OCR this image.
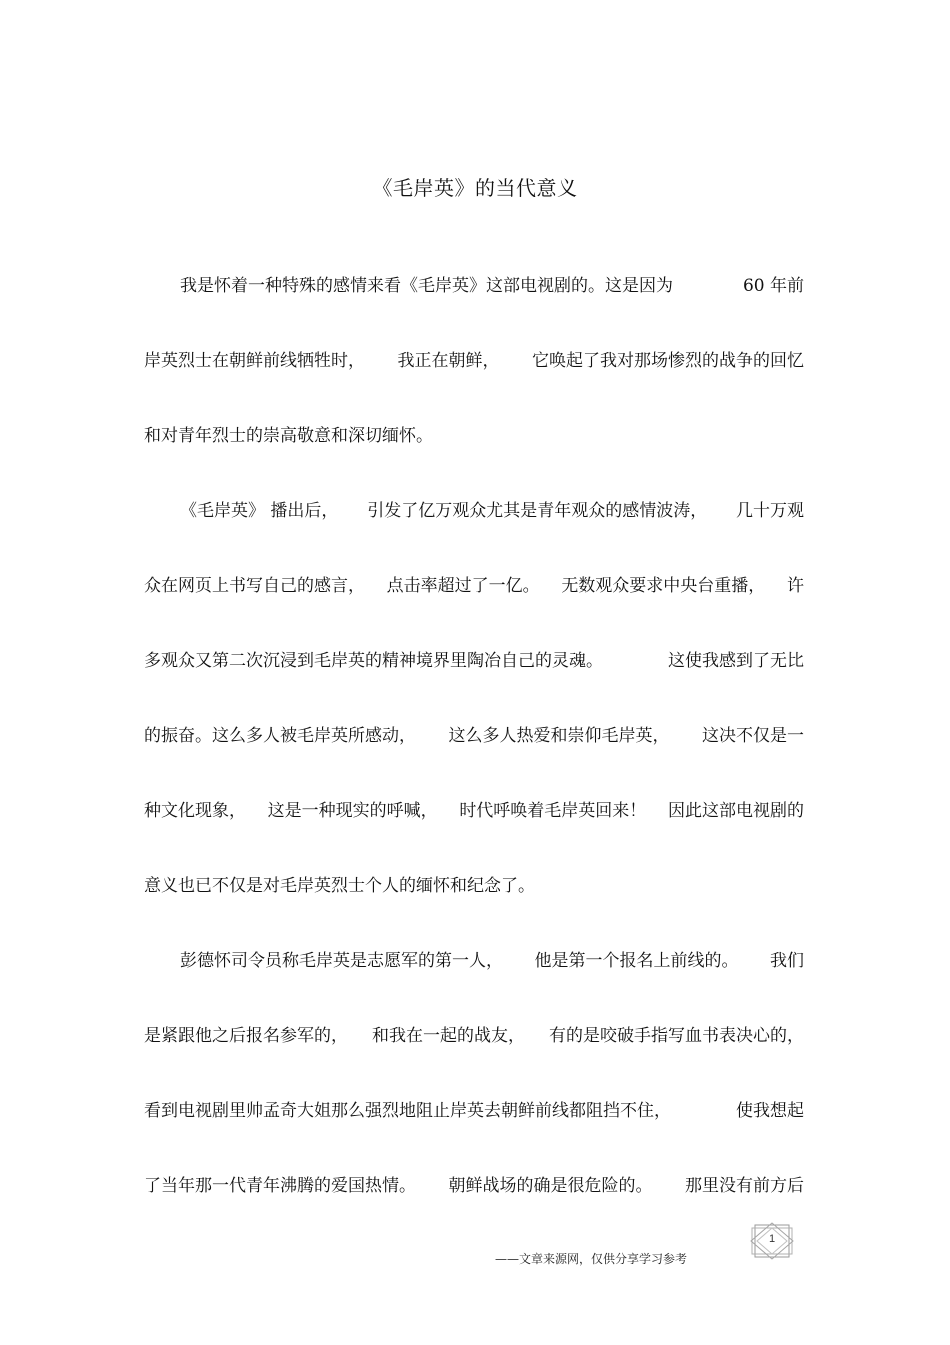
《毛岸英》的当代意义
我是怀着一种特殊的感情来看《毛岸英》这部电视剧的。这是因为	60 年前
岸英烈士在朝鲜前线牺牲时， 我正在朝鲜， 它唤起了我对那场惨烈的战争的回忆
和对青年烈士的崇高敬意和深切缅怀。
《毛岸英》 播出后， 引发了亿万观众尤其是青年观众的感情波涛， 几十万观
众在网页上书写自己的感言， 点击率超过了一亿。 无数观众要求中央台重播， 许
多观众又第二次沉浸到毛岸英的精神境界里陶冶自己的灵魂。	这使我感到了无比
的振奋。这么多人被毛岸英所感动， 这么多人热爱和崇仰毛岸英， 这决不仅是一
种文化现象， 这是一种现实的呼喊， 时代呼唤着毛岸英回来！ 因此这部电视剧的
意义也已不仅是对毛岸英烈士个人的缅怀和纪念了。
彭德怀司令员称毛岸英是志愿军的第一人， 他是第一个报名上前线的。 我们
是紧跟他之后报名参军的， 和我在一起的战友， 有的是咬破手指写血书表决心的，
看到电视剧里帅孟奇大姐那么强烈地阻止岸英去朝鲜前线都阻挡不住，	使我想起
了当年那一代青年沸腾的爱国热情。 朝鲜战场的确是很危险的。 那里没有前方后
1
——文章来源网，仅供分享学习参考
